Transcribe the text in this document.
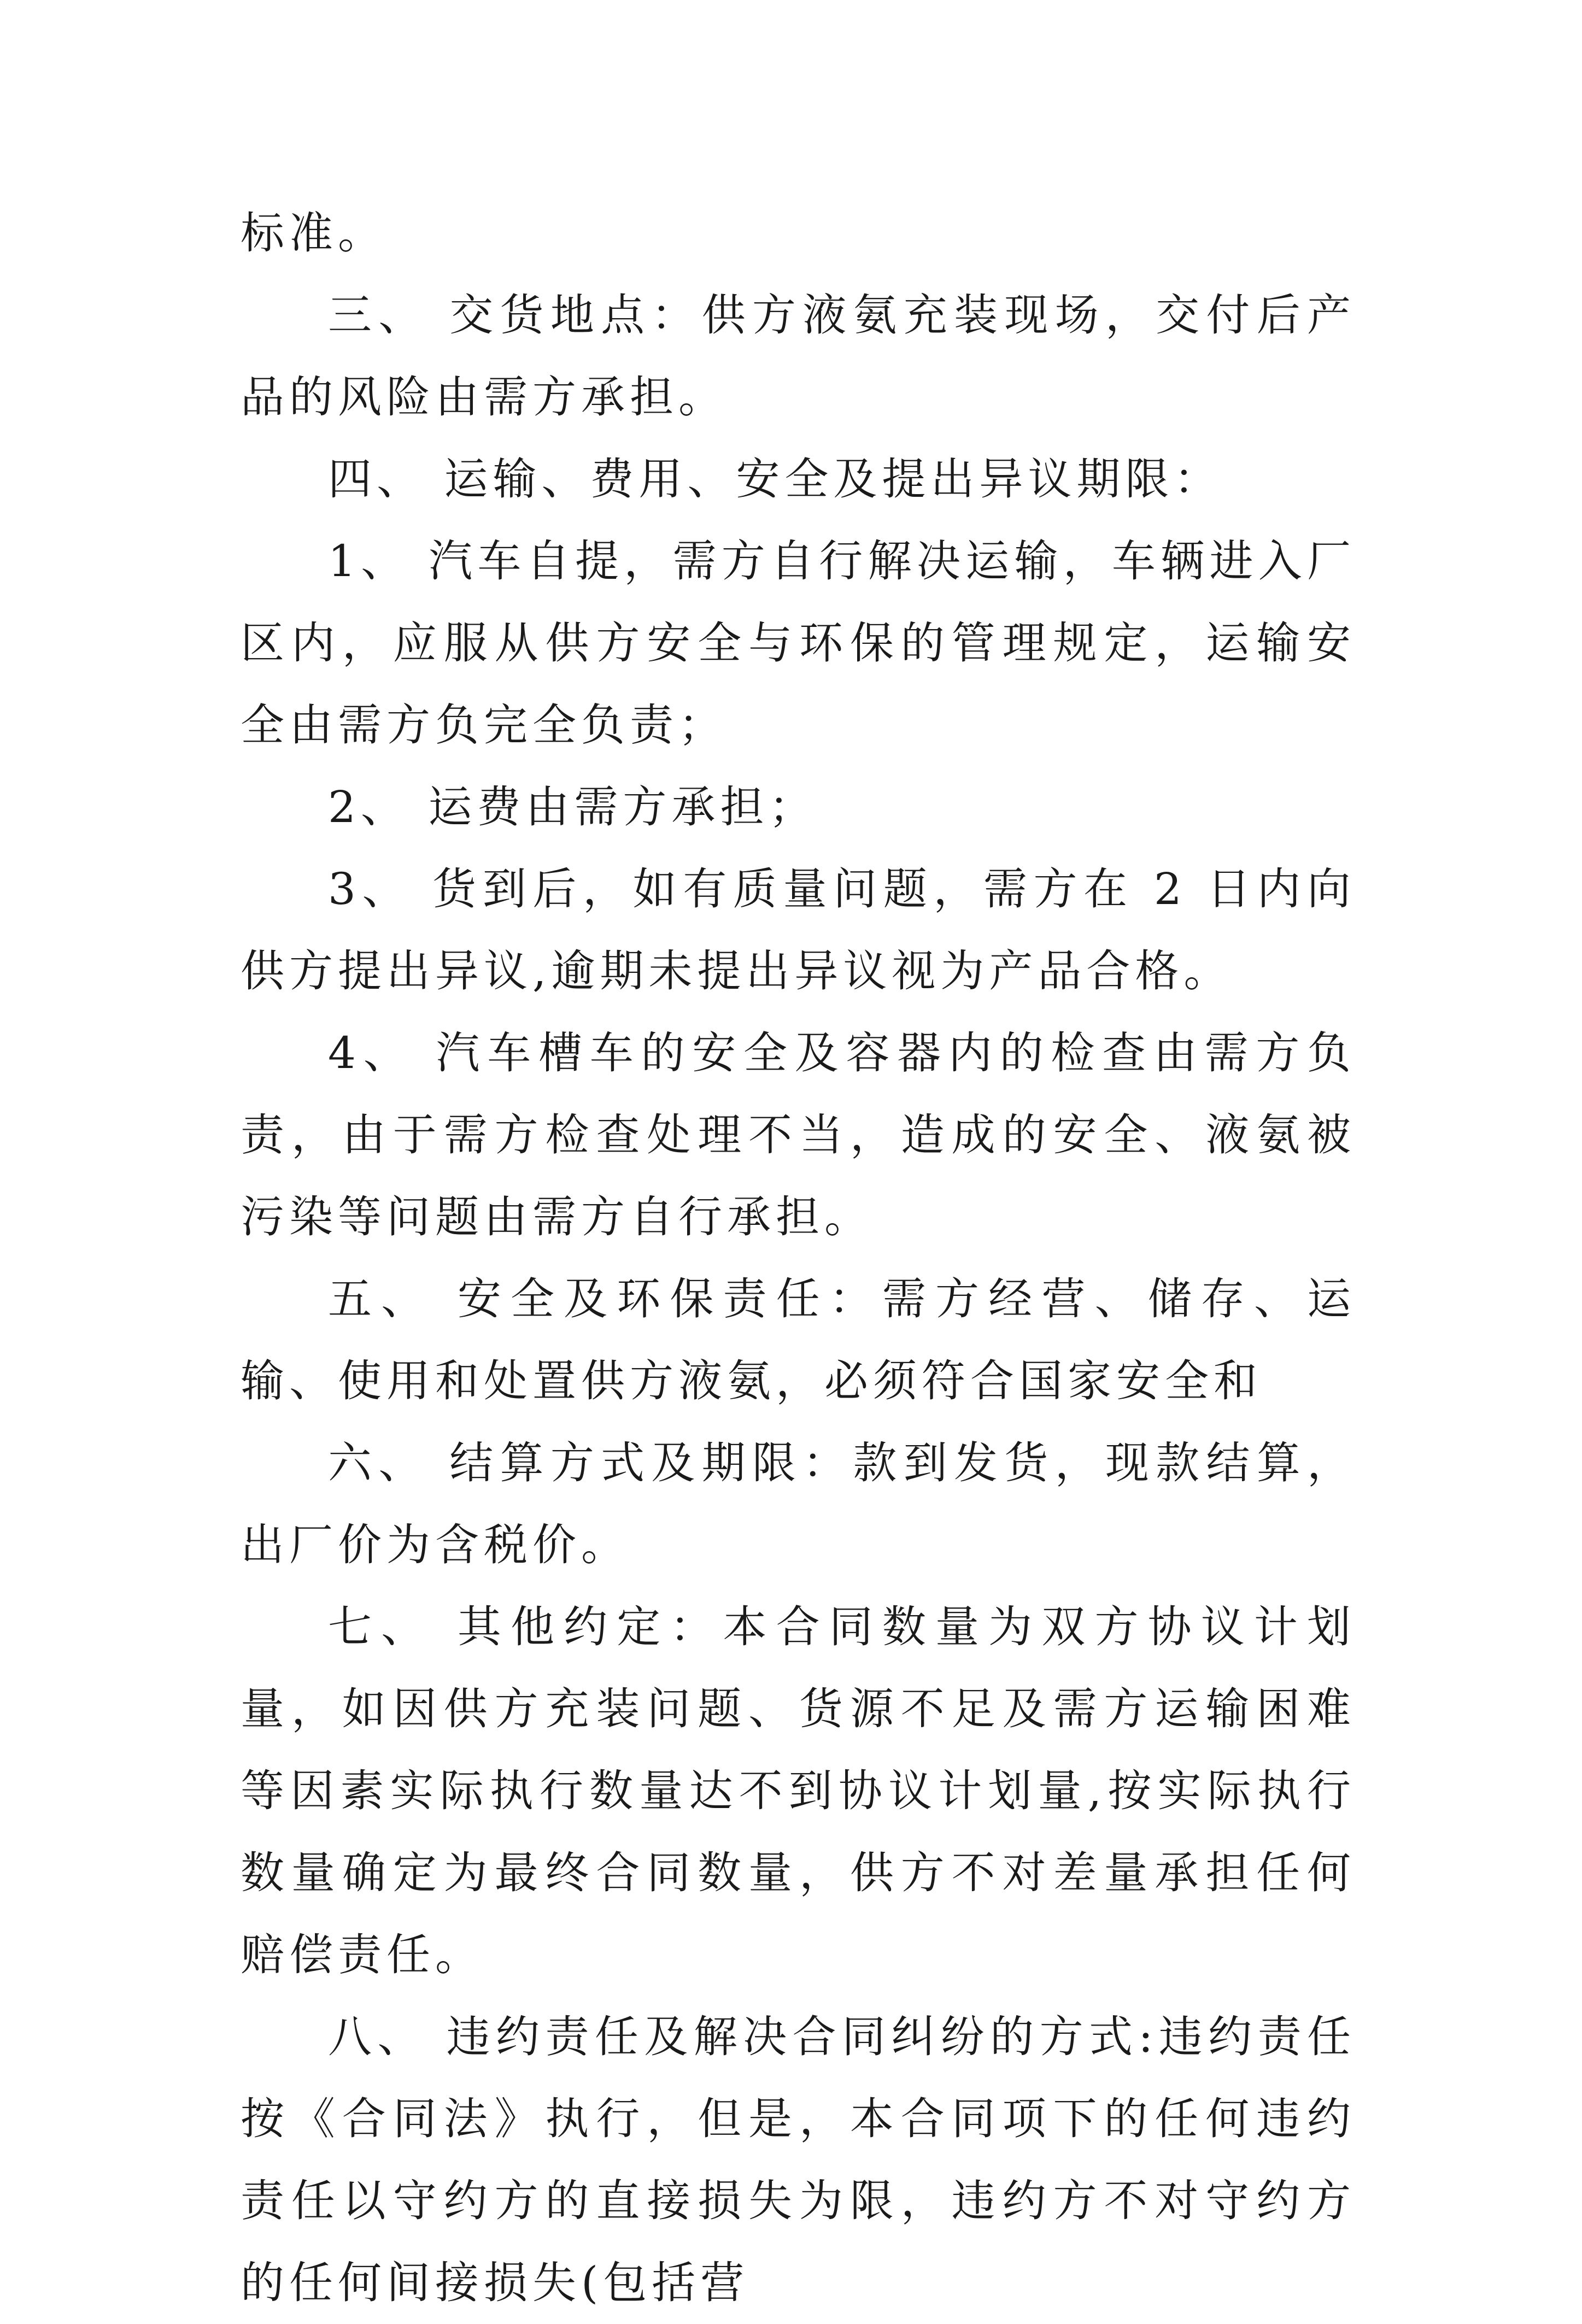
标准。

三、 交货地点：供方液氨充装现场，交付后产品的风险由需方承担。

四、 运输、费用、安全及提出异议期限：

1、 汽车自提，需方自行解决运输，车辆进入厂区内，应服从供方安全与环保的管理规定，运输安全由需方负完全负责；

2、 运费由需方承担；

3、 货到后，如有质量问题，需方在 2 日内向供方提出异议,逾期未提出异议视为产品合格。

4、 汽车槽车的安全及容器内的检查由需方负责，由于需方检查处理不当，造成的安全、液氨被污染等问题由需方自行承担。

五、 安全及环保责任：需方经营、储存、运输、使用和处置供方液氨，必须符合国家安全和

六、 结算方式及期限：款到发货，现款结算，出厂价为含税价。

七、 其他约定：本合同数量为双方协议计划量，如因供方充装问题、货源不足及需方运输困难等因素实际执行数量达不到协议计划量,按实际执行数量确定为最终合同数量，供方不对差量承担任何赔偿责任。

八、 违约责任及解决合同纠纷的方式:违约责任按《合同法》执行，但是，本合同项下的任何违约责任以守约方的直接损失为限，违约方不对守约方的任何间接损失(包括营
